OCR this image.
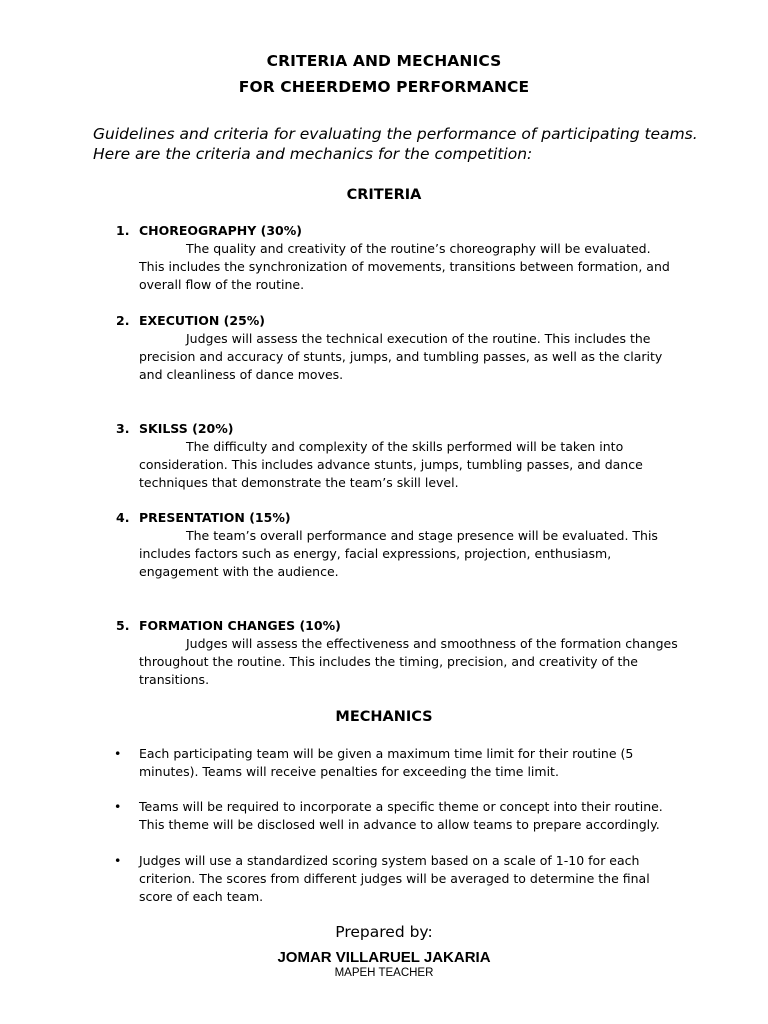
CRITERIA AND MECHANICS
FOR CHEERDEMO PERFORMANCE
Guidelines and criteria for evaluating the performance of participating teams.
Here are the criteria and mechanics for the competition:
CRITERIA
1. CHOREOGRAPHY (30%)
The quality and creativity of the routine’s choreography will be evaluated. This includes the synchronization of movements, transitions between formation, and overall flow of the routine.
2. EXECUTION (25%)
Judges will assess the technical execution of the routine. This includes the precision and accuracy of stunts, jumps, and tumbling passes, as well as the clarity and cleanliness of dance moves.
3. SKILSS (20%)
The difficulty and complexity of the skills performed will be taken into consideration. This includes advance stunts, jumps, tumbling passes, and dance techniques that demonstrate the team’s skill level.
4. PRESENTATION (15%)
The team’s overall performance and stage presence will be evaluated. This includes factors such as energy, facial expressions, projection, enthusiasm, engagement with the audience.
5. FORMATION CHANGES (10%)
Judges will assess the effectiveness and smoothness of the formation changes throughout the routine. This includes the timing, precision, and creativity of the transitions.
MECHANICS
• Each participating team will be given a maximum time limit for their routine (5 minutes). Teams will receive penalties for exceeding the time limit.
• Teams will be required to incorporate a specific theme or concept into their routine. This theme will be disclosed well in advance to allow teams to prepare accordingly.
• Judges will use a standardized scoring system based on a scale of 1-10 for each criterion. The scores from different judges will be averaged to determine the final score of each team.
Prepared by:
JOMAR VILLARUEL JAKARIA
MAPEH TEACHER
